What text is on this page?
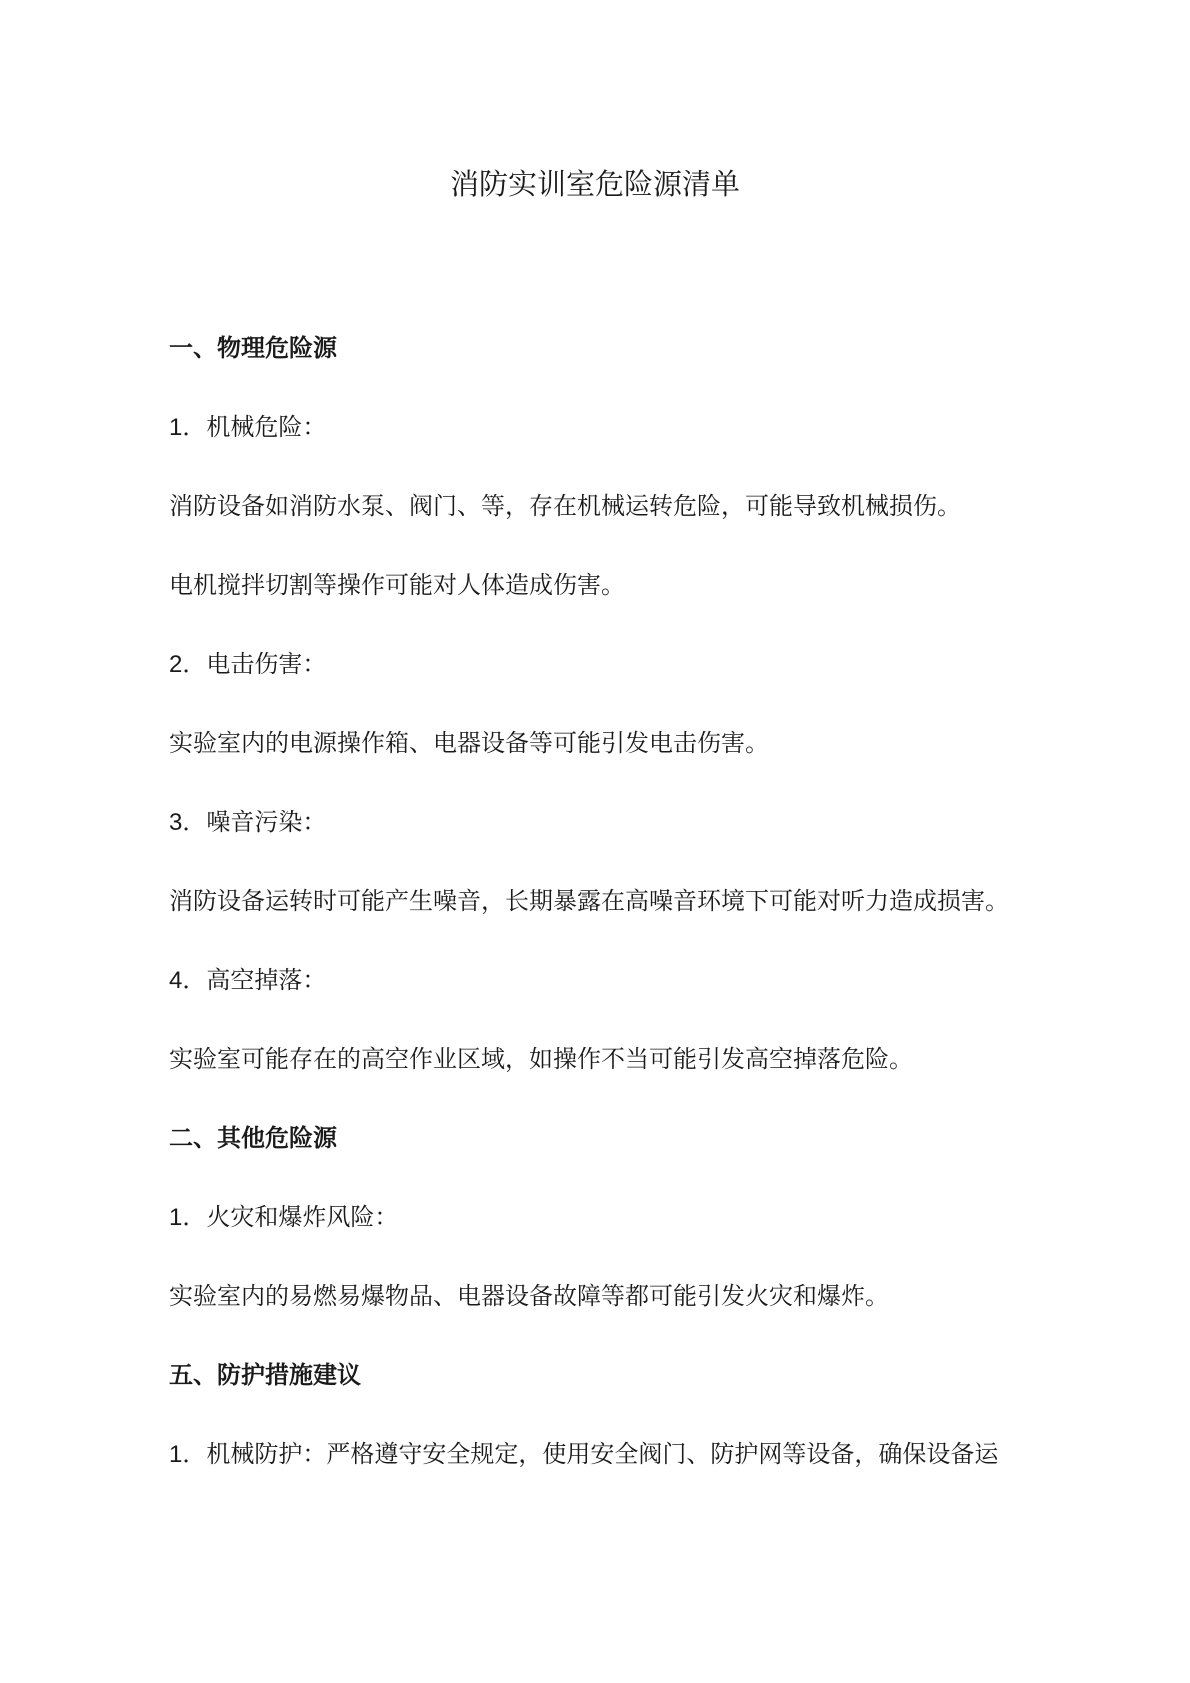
消防实训室危险源清单

一、物理危险源

1．机械危险：

消防设备如消防水泵、阀门、等，存在机械运转危险，可能导致机械损伤。

电机搅拌切割等操作可能对人体造成伤害。

2．电击伤害：

实验室内的电源操作箱、电器设备等可能引发电击伤害。

3．噪音污染：

消防设备运转时可能产生噪音，长期暴露在高噪音环境下可能对听力造成损害。

4．高空掉落：

实验室可能存在的高空作业区域，如操作不当可能引发高空掉落危险。

二、其他危险源

1．火灾和爆炸风险：

实验室内的易燃易爆物品、电器设备故障等都可能引发火灾和爆炸。

五、防护措施建议

1．机械防护：严格遵守安全规定，使用安全阀门、防护网等设备，确保设备运
